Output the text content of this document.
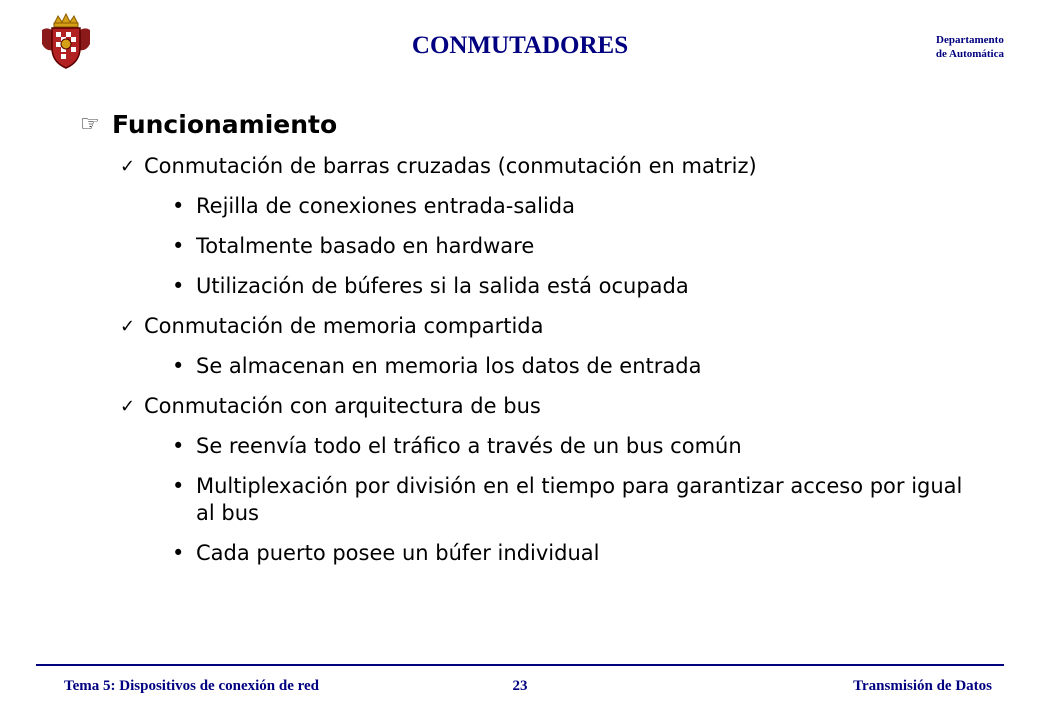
CONMUTADORES	Departamento
de Automática
☞ Funcionamiento
✓ Conmutación de barras cruzadas (conmutación en matriz)
• Rejilla de conexiones entrada-salida
• Totalmente basado en hardware
• Utilización de búferes si la salida está ocupada
✓ Conmutación de memoria compartida
• Se almacenan en memoria los datos de entrada
✓ Conmutación con arquitectura de bus
• Se reenvía todo el tráfico a través de un bus común
• Multiplexación por división en el tiempo para garantizar acceso por igual al bus
• Cada puerto posee un búfer individual
Tema 5: Dispositivos de conexión de red	23	Transmisión de Datos
